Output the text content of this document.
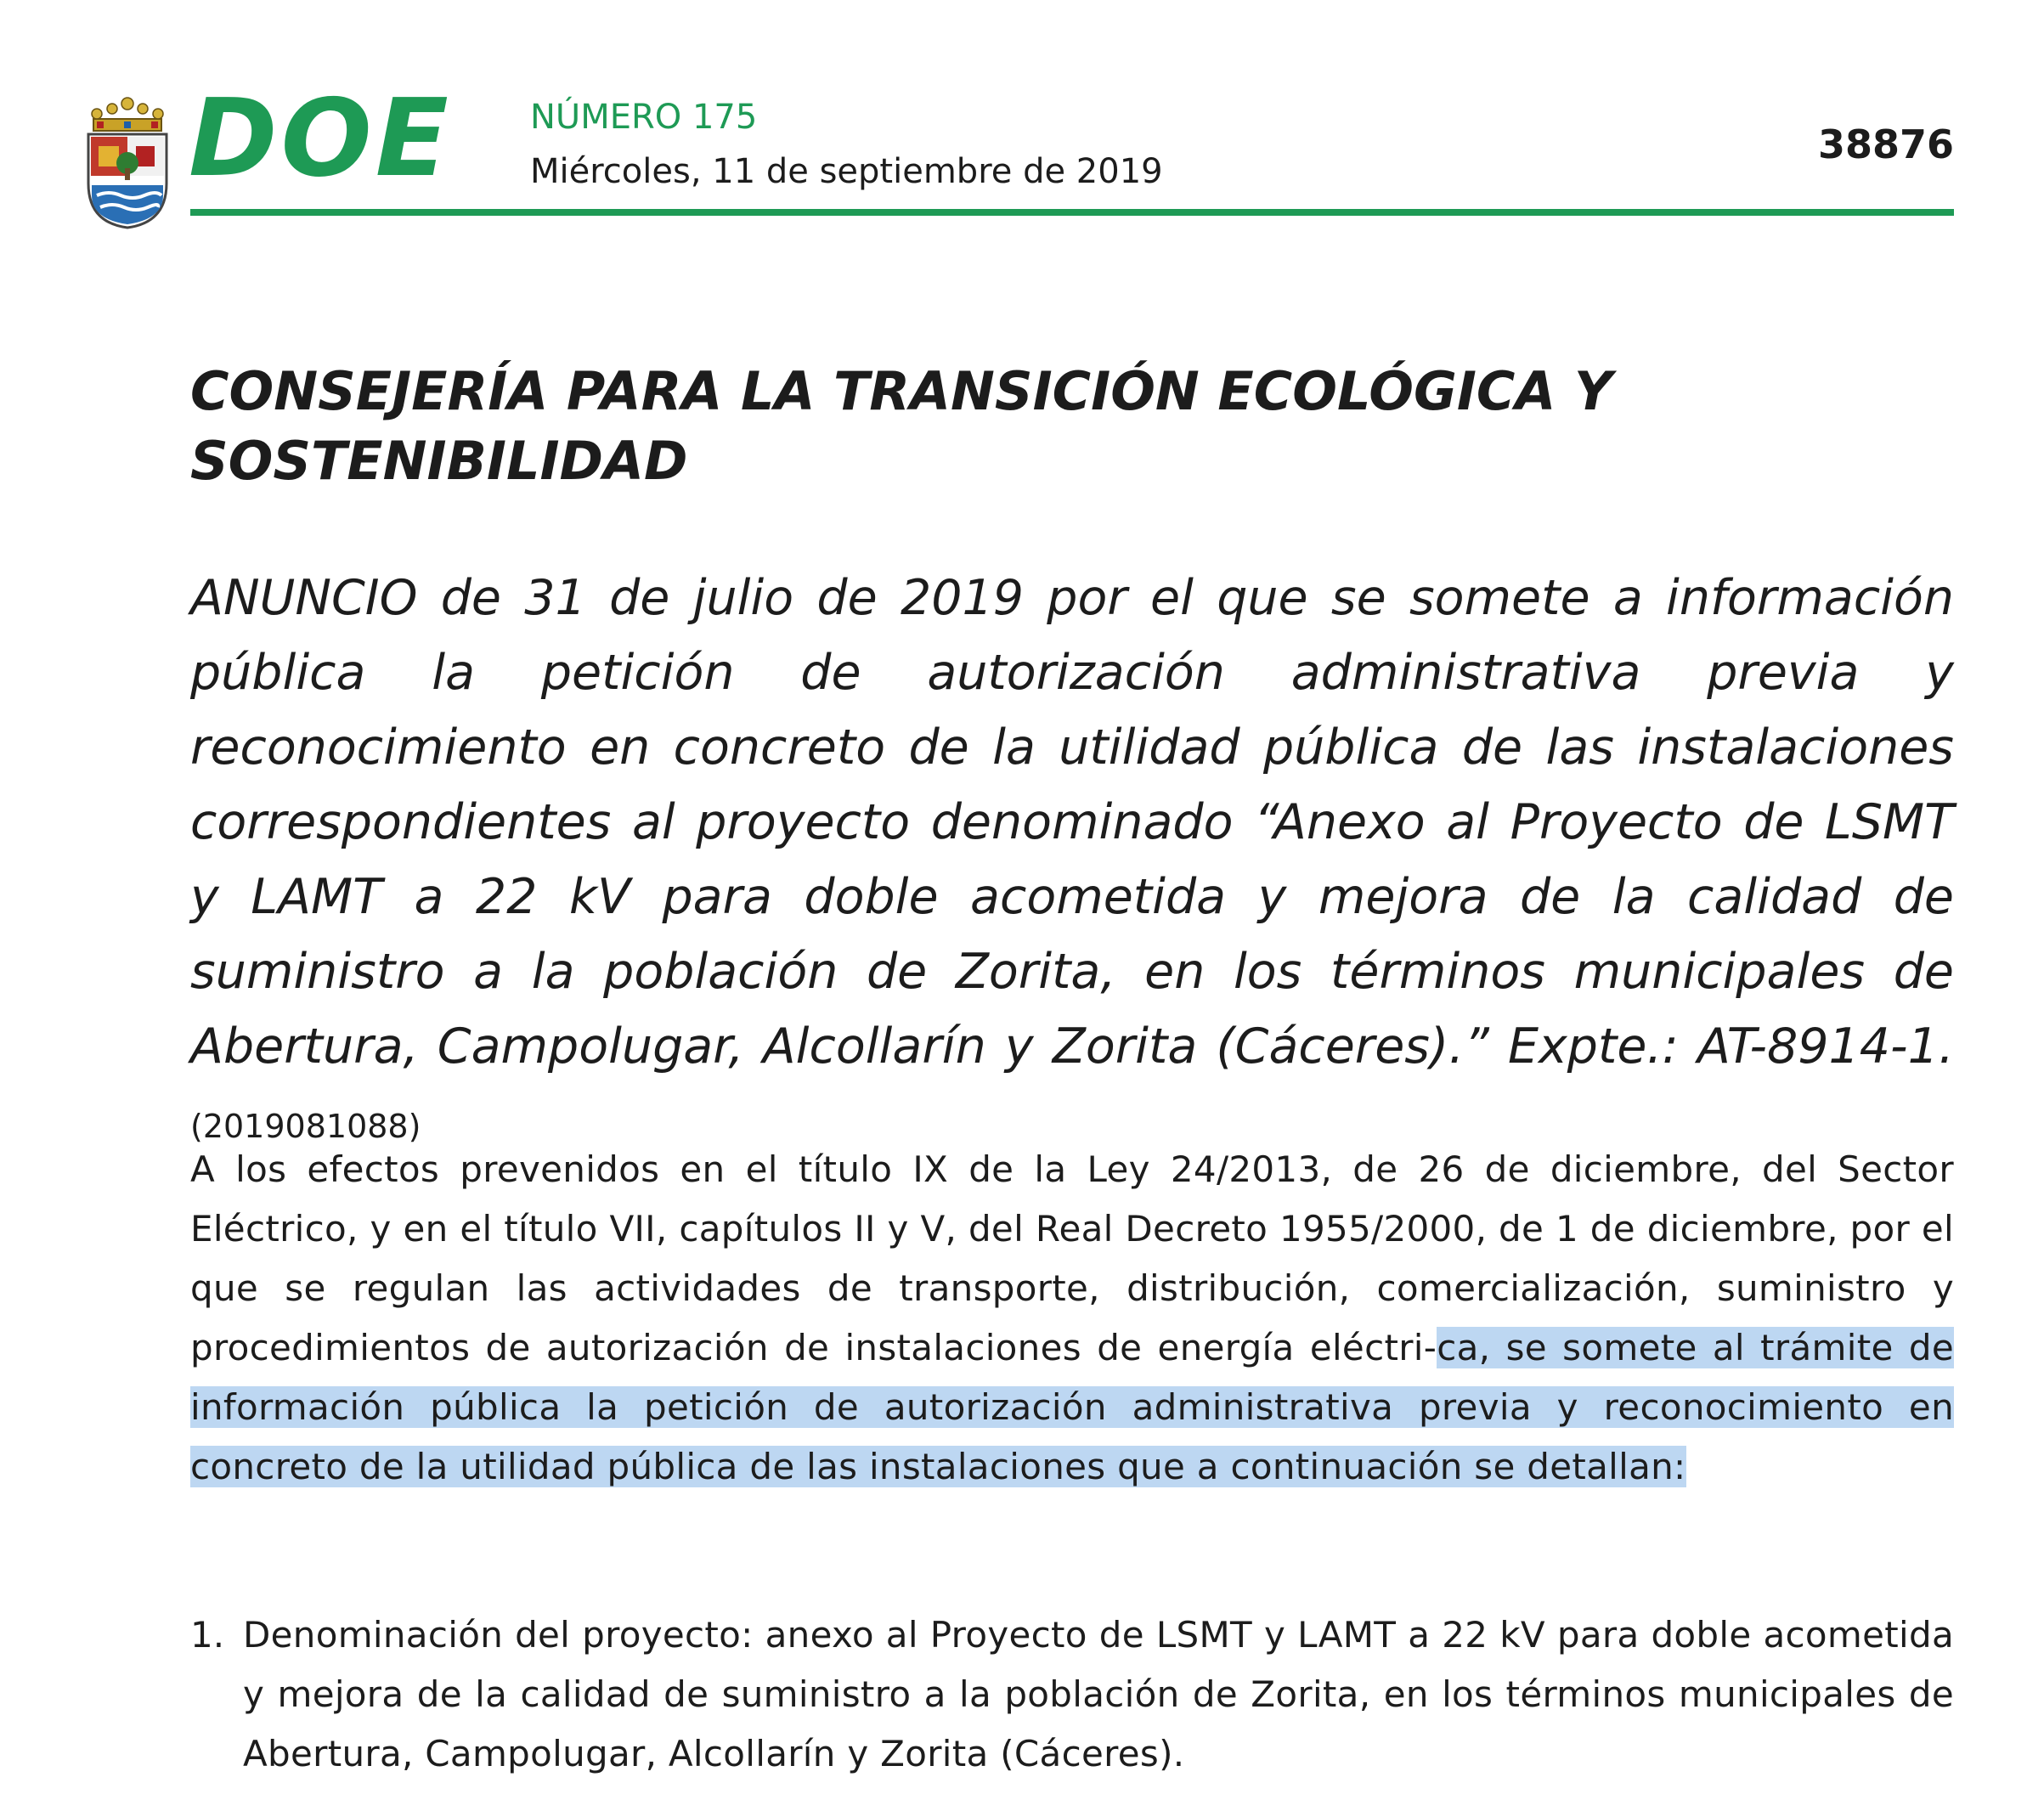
DOE NÚMERO 175
Miércoles, 11 de septiembre de 2019
38876
CONSEJERÍA PARA LA TRANSICIÓN ECOLÓGICA Y SOSTENIBILIDAD

ANUNCIO de 31 de julio de 2019 por el que se somete a información pública la petición de autorización administrativa previa y reconocimiento en concreto de la utilidad pública de las instalaciones correspondientes al proyecto denominado “Anexo al Proyecto de LSMT y LAMT a 22 kV para doble acometida y mejora de la calidad de suministro a la población de Zorita, en los términos municipales de Abertura, Campolugar, Alcollarín y Zorita (Cáceres).” Expte.: AT-8914-1. (2019081088)

A los efectos prevenidos en el título IX de la Ley 24/2013, de 26 de diciembre, del Sector Eléctrico, y en el título VII, capítulos II y V, del Real Decreto 1955/2000, de 1 de diciembre, por el que se regulan las actividades de transporte, distribución, comercialización, suministro y procedimientos de autorización de instalaciones de energía eléctri-ca, se somete al trámite de información pública la petición de autorización administrativa previa y reconocimiento en concreto de la utilidad pública de las instalaciones que a continuación se detallan:

1. Denominación del proyecto: anexo al Proyecto de LSMT y LAMT a 22 kV para doble acometida y mejora de la calidad de suministro a la población de Zorita, en los términos municipales de Abertura, Campolugar, Alcollarín y Zorita (Cáceres).
